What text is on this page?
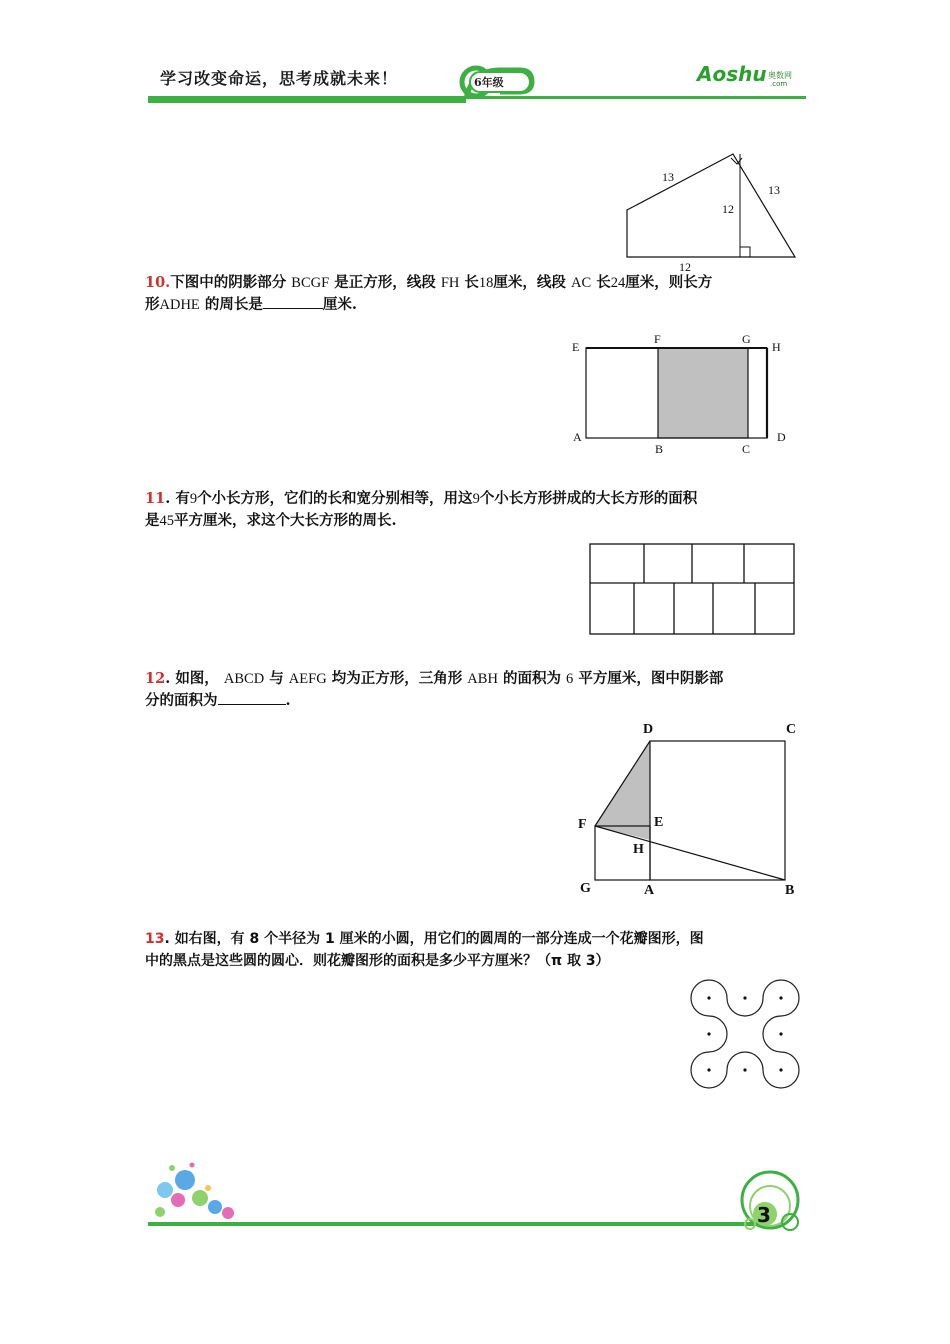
学习改变命运，思考成就未来！	6年级	Aoshu 奥数网
.com
13
13
12
12
10.下图中的阴影部分 BCGF 是正方形，线段 FH 长18厘米，线段 AC 长24厘米，则长方
形ADHE 的周长是	厘米.
E
F	G
H
A
B	C
D
11. 有9个小长方形，它们的长和宽分别相等，用这9个小长方形拼成的大长方形的面积
是45平方厘米，求这个大长方形的周长.
12. 如图， ABCD 与 AEFG 均为正方形，三角形 ABH 的面积为 6 平方厘米，图中阴影部
分的面积为	.
D	C
F	E
H
G	A	B
13. 如右图，有 8 个半径为 1 厘米的小圆，用它们的圆周的一部分连成一个花瓣图形，图
中的黑点是这些圆的圆心．则花瓣图形的面积是多少平方厘米？（π 取 3）
3
